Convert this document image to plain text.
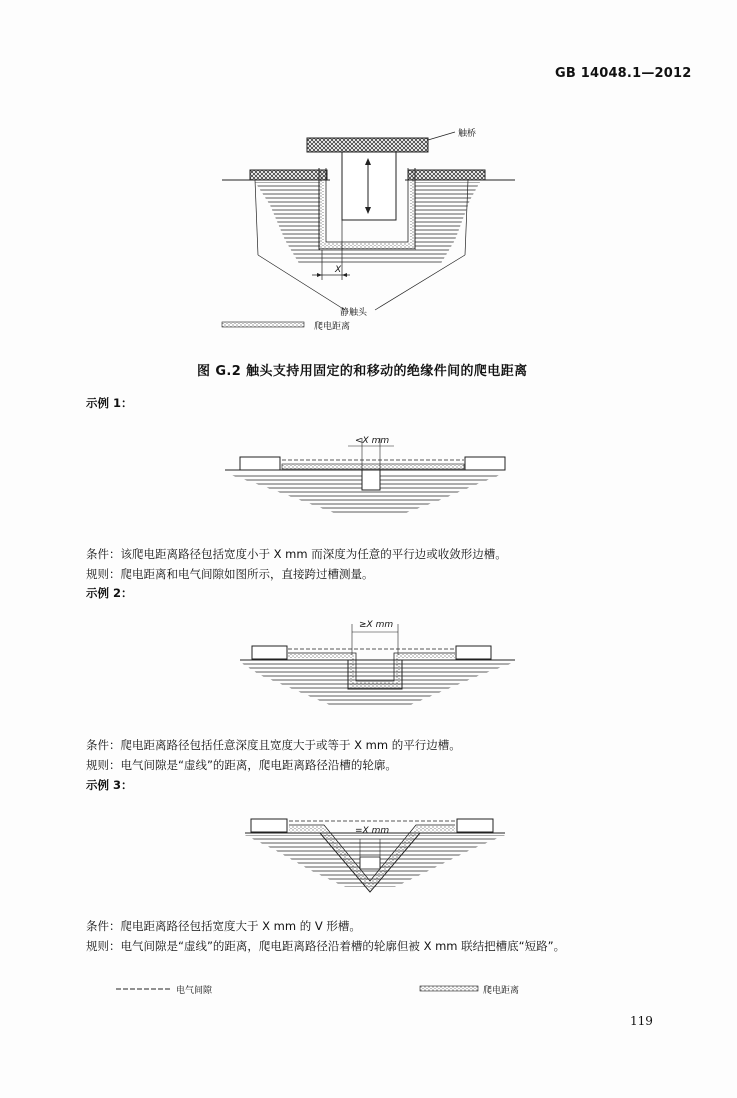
GB 14048.1—2012
触桥
X
静触头
爬电距离
图 G.2 触头支持用固定的和移动的绝缘件间的爬电距离
示例 1：
<X mm
条件：该爬电距离路径包括宽度小于 X mm 而深度为任意的平行边或收敛形边槽。
规则：爬电距离和电气间隙如图所示，直接跨过槽测量。
示例 2：
≥X mm
条件：爬电距离路径包括任意深度且宽度大于或等于 X mm 的平行边槽。
规则：电气间隙是“虚线”的距离，爬电距离路径沿槽的轮廓。
示例 3：
=X mm
条件：爬电距离路径包括宽度大于 X mm 的 V 形槽。
规则：电气间隙是“虚线”的距离，爬电距离路径沿着槽的轮廓但被 X mm 联结把槽底“短路”。
电气间隙	爬电距离
119
